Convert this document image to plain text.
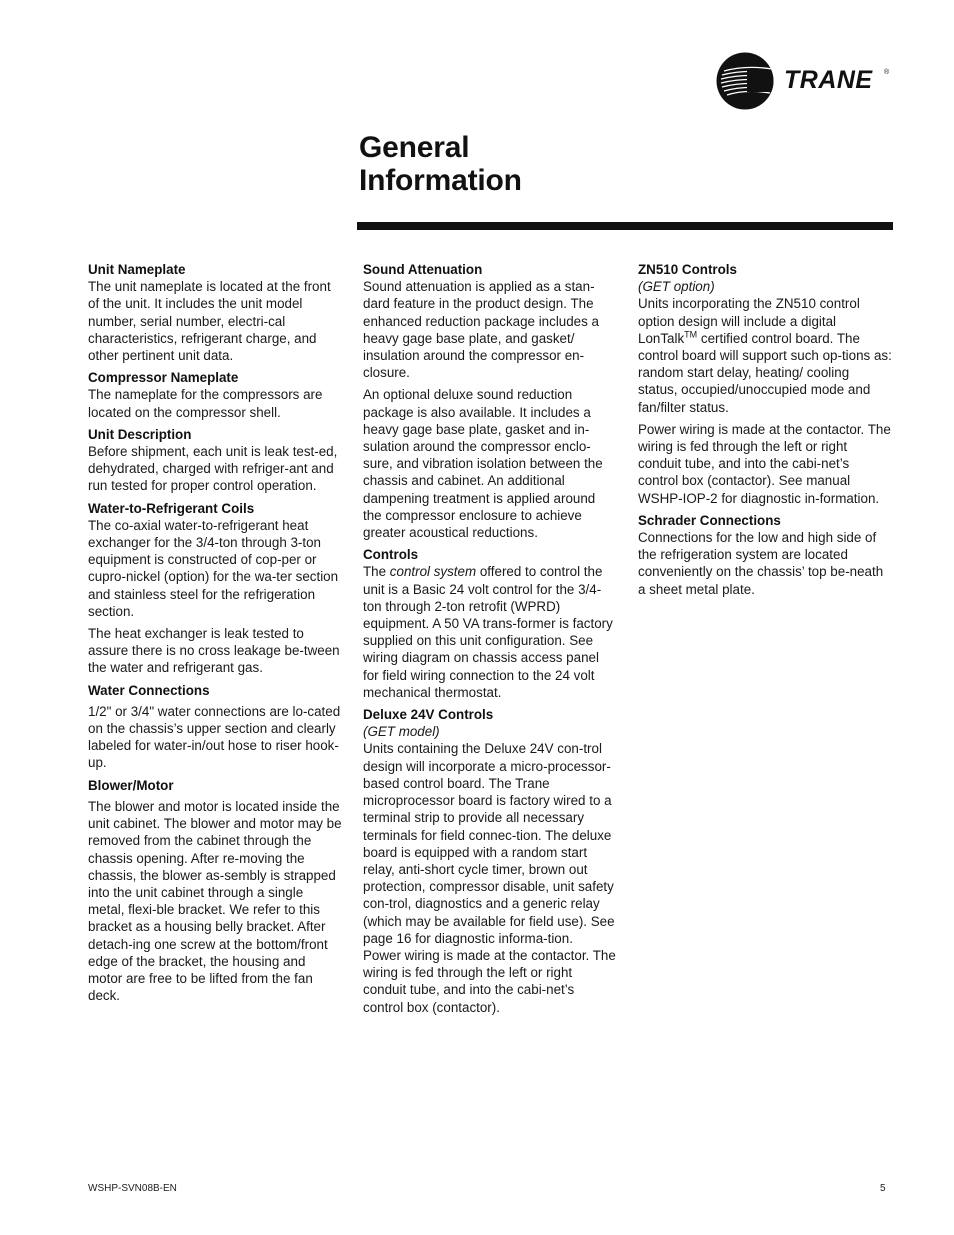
TRANE ®
General
Information
Unit Nameplate

The unit nameplate is located at the front of the unit. It includes the unit model number, serial number, electri-cal characteristics, refrigerant charge, and other pertinent unit data.

Compressor Nameplate

The nameplate for the compressors are located on the compressor shell.

Unit Description

Before shipment, each unit is leak test-ed, dehydrated, charged with refriger-ant and run tested for proper control operation.

Water-to-Refrigerant Coils

The co-axial water-to-refrigerant heat exchanger for the 3/4-ton through 3-ton equipment is constructed of cop-per or cupro-nickel (option) for the wa-ter section and stainless steel for the refrigeration section.

The heat exchanger is leak tested to assure there is no cross leakage be-tween the water and refrigerant gas.

Water Connections

1/2" or 3/4" water connections are lo-cated on the chassis’s upper section and clearly labeled for water-in/out hose to riser hook-up.

Blower/Motor

The blower and motor is located inside the unit cabinet. The blower and motor may be removed from the cabinet through the chassis opening. After re-moving the chassis, the blower as-sembly is strapped into the unit cabinet through a single metal, flexi-ble bracket. We refer to this bracket as a housing belly bracket. After detach-ing one screw at the bottom/front edge of the bracket, the housing and motor are free to be lifted from the fan deck.

Sound Attenuation

Sound attenuation is applied as a stan-dard feature in the product design. The enhanced reduction package includes a heavy gage base plate, and gasket/ insulation around the compressor en-closure.

An optional deluxe sound reduction package is also available. It includes a heavy gage base plate, gasket and in-sulation around the compressor enclo-sure, and vibration isolation between the chassis and cabinet. An additional dampening treatment is applied around the compressor enclosure to achieve greater acoustical reductions.

Controls

The control system offered to control the unit is a Basic 24 volt control for the 3/4-ton through 2-ton retrofit (WPRD) equipment. A 50 VA trans-former is factory supplied on this unit configuration. See wiring diagram on chassis access panel for field wiring connection to the 24 volt mechanical thermostat.

Deluxe 24V Controls

(GET model)

Units containing the Deluxe 24V con-trol design will incorporate a micro-processor-based control board. The Trane microprocessor board is factory wired to a terminal strip to provide all necessary terminals for field connec-tion. The deluxe board is equipped with a random start relay, anti-short cycle timer, brown out protection, compressor disable, unit safety con-trol, diagnostics and a generic relay (which may be available for field use). See page 16 for diagnostic informa-tion.

Power wiring is made at the contactor. The wiring is fed through the left or right conduit tube, and into the cabi-net’s control box (contactor).

ZN510 Controls

(GET option)

Units incorporating the ZN510 control option design will include a digital LonTalk™ certified control board. The control board will support such op-tions as: random start delay, heating/ cooling status, occupied/unoccupied mode and fan/filter status.

Power wiring is made at the contactor. The wiring is fed through the left or right conduit tube, and into the cabi-net’s control box (contactor). See manual WSHP-IOP-2 for diagnostic in-formation.

Schrader Connections

Connections for the low and high side of the refrigeration system are located conveniently on the chassis’ top be-neath a sheet metal plate.

WSHP-SVN08B-EN	5
